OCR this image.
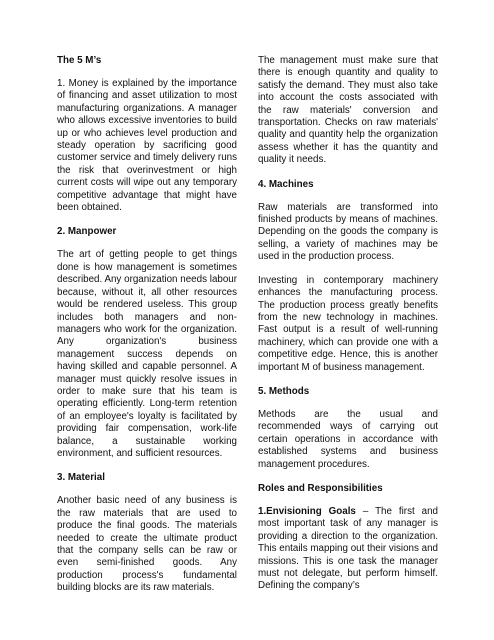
The 5 M’s

1. Money is explained by the importance of financing and asset utilization to most manufacturing organizations. A manager who allows excessive inventories to build up or who achieves level production and steady operation by sacrificing good customer service and timely delivery runs the risk that overinvestment or high current costs will wipe out any temporary competitive advantage that might have been obtained.

2. Manpower

The art of getting people to get things done is how management is sometimes described. Any organization needs labour because, without it, all other resources would be rendered useless. This group includes both managers and non-managers who work for the organization. Any organization's business management success depends on having skilled and capable personnel. A manager must quickly resolve issues in order to make sure that his team is operating efficiently. Long-term retention of an employee's loyalty is facilitated by providing fair compensation, work-life balance, a sustainable working environment, and sufficient resources.

3. Material

Another basic need of any business is the raw materials that are used to produce the final goods. The materials needed to create the ultimate product that the company sells can be raw or even semi-finished goods. Any production process's fundamental building blocks are its raw materials.

The management must make sure that there is enough quantity and quality to satisfy the demand. They must also take into account the costs associated with the raw materials' conversion and transportation. Checks on raw materials' quality and quantity help the organization assess whether it has the quantity and quality it needs.

4. Machines

Raw materials are transformed into finished products by means of machines. Depending on the goods the company is selling, a variety of machines may be used in the production process.

Investing in contemporary machinery enhances the manufacturing process. The production process greatly benefits from the new technology in machines. Fast output is a result of well-running machinery, which can provide one with a competitive edge. Hence, this is another important M of business management.

5. Methods

Methods are the usual and recommended ways of carrying out certain operations in accordance with established systems and business management procedures.

Roles and Responsibilities

1.Envisioning Goals – The first and most important task of any manager is providing a direction to the organization. This entails mapping out their visions and missions. This is one task the manager must not delegate, but perform himself. Defining the company’s
